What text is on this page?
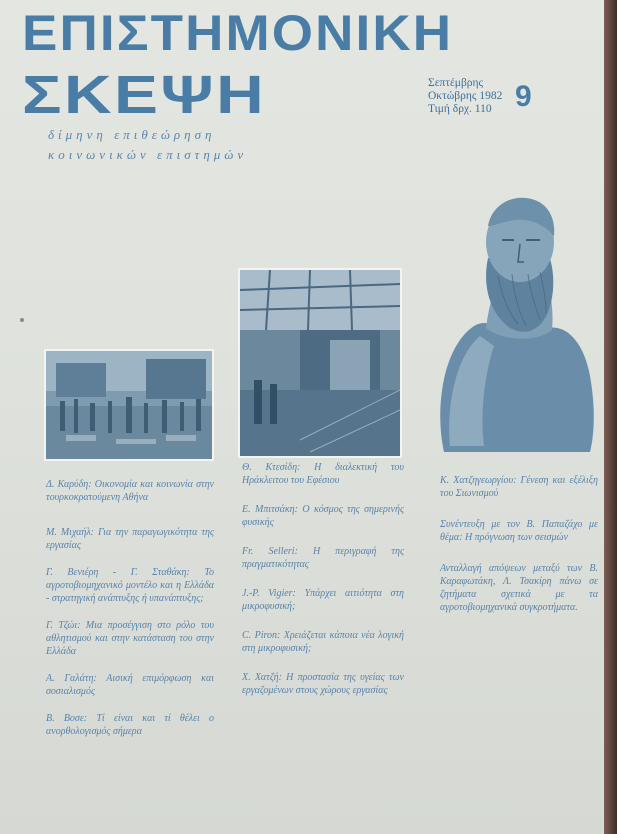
ΕΠΙΣΤΗΜΟΝΙΚΗ
ΣΚΕΨΗ
δίμηνη επιθεώρηση
κοινωνικών επιστημών
Σεπτέμβρης
Οκτώβρης 1982
Τιμή δρχ. 110 9
Δ. Καρύδη: Οικονομία και κοινωνία στην τουρκοκρατούμενη Αθήνα
Μ. Μιχαήλ: Για την παραγωγικότητα της εργασίας
Γ. Βενιέρη - Γ. Σταθάκη: Το αγροτοβιομηχανικό μοντέλο και η Ελλάδα - στρατηγική ανάπτυξης ή υπανάπτυξης;
Γ. Τζώι: Μια προσέγγιση στο ρόλο του αθλητισμού και στην κατάσταση του στην Ελλάδα
Α. Γαλάτη: Αισική επιμόρφωση και σοσιαλισμός
Β. Βοσε: Τί είναι και τί θέλει ο ανορθολογισμός σήμερα
Θ. Κτεσίδη: Η διαλεκτική του Ηράκλειτου του Εφέσιου
Ε. Μπιτσάκη: Ο κόσμος της σημερινής φυσικής
Fr. Selleri: Η περιγραφή της πραγματικότητας
J.-P. Vigier: Υπάρχει αιτιότητα στη μικροφυσική;
C. Piron: Χρειάζεται κάποια νέα λογική στη μικροφυσική;
Χ. Χατζή: Η προστασία της υγείας των εργαζομένων στους χώρους εργασίας
Κ. Χατζηγεωργίου: Γένεση και εξέλιξη του Σιωνισμού
Συνέντευξη με τον Β. Παπαζάχο με θέμα: Η πρόγνωση των σεισμών
Ανταλλαγή απόψεων μεταξύ των Β. Καραφωτάκη, Λ. Τσακίρη πάνω σε ζητήματα σχετικά με τα αγροτοβιομηχανικά συγκροτήματα.
